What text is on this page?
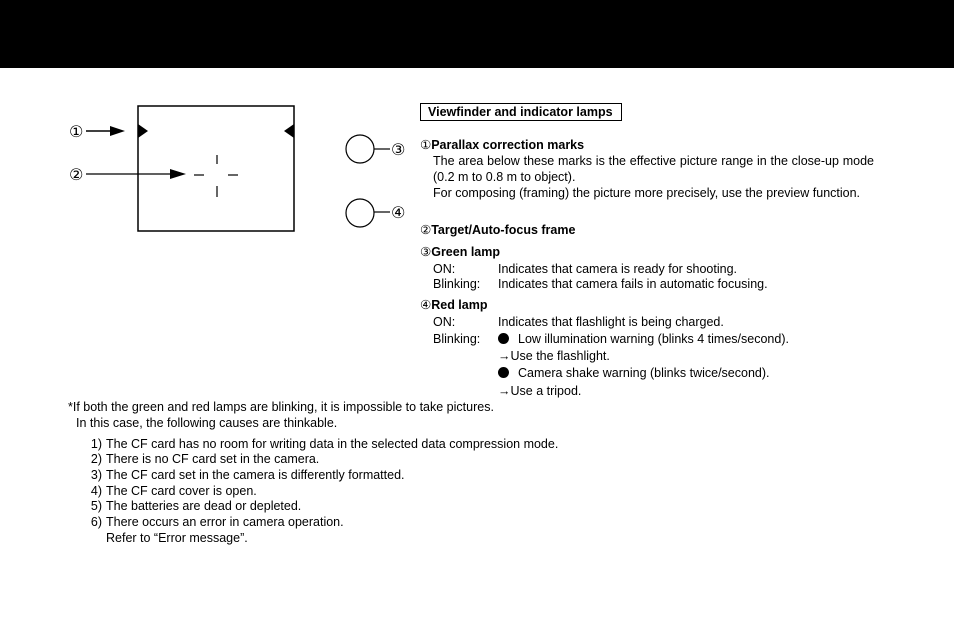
①
②
③
④
Viewfinder and indicator lamps
①Parallax correction marks
The area below these marks is the effective picture range in the close-up mode (0.2 m to 0.8 m to object).
For composing (framing) the picture more precisely, use the preview function.
②Target/Auto-focus frame
③Green lamp
ON:	Indicates that camera is ready for shooting.
Blinking: Indicates that camera fails in automatic focusing.
④Red lamp
ON:	Indicates that flashlight is being charged.
Blinking:	Low illumination warning (blinks 4 times/second).
→Use the flashlight.
Camera shake warning (blinks twice/second).
→Use a tripod.
*If both the green and red lamps are blinking, it is impossible to take pictures.
In this case, the following causes are thinkable.
1) The CF card has no room for writing data in the selected data compression mode.
2) There is no CF card set in the camera.
3) The CF card set in the camera is differently formatted.
4) The CF card cover is open.
5) The batteries are dead or depleted.
6) There occurs an error in camera operation.
Refer to “Error message”.
